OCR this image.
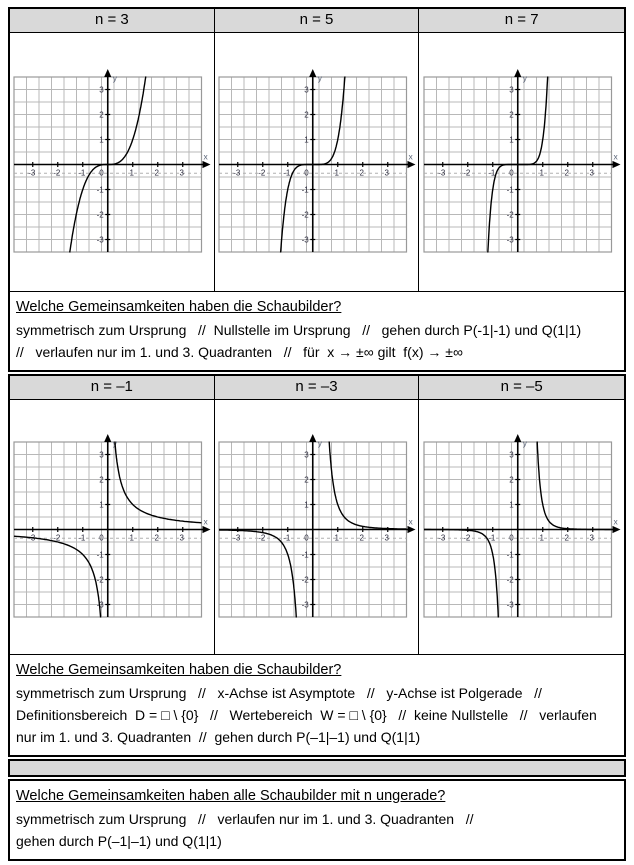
n = 3	n = 5	n = 7
-3 -2 -1	1	2	3
0
3
2
1
-1
-2
-3
x
y
-3 -2 -1	1	2	3
0
3
2
1
-1
-2
-3
x
y
-3 -2 -1	1	2	3
0
3
2
1
-1
-2
-3
x
y
Welche Gemeinsamkeiten haben die Schaubilder?
symmetrisch zum Ursprung   //  Nullstelle im Ursprung   //   gehen durch P(-1|-1) und Q(1|1)
//   verlaufen nur im 1. und 3. Quadranten   //   für  x → ±∞ gilt  f(x) → ±∞
n = –1	n = –3	n = –5
-3 -2 -1	1	2	3
0
3
2
1
-1
-2
-3
x
y
-3 -2 -1	1	2	3
0
3
2
1
-1
-2
-3
x
y
-3 -2 -1	1	2	3
0
3
2
1
-1
-2
-3
x
y
Welche Gemeinsamkeiten haben die Schaubilder?
symmetrisch zum Ursprung   //   x-Achse ist Asymptote   //   y-Achse ist Polgerade   //
Definitionsbereich  D = □ \ {0}   //   Wertebereich  W = □ \ {0}   //  keine Nullstelle   //   verlaufen
nur im 1. und 3. Quadranten  //  gehen durch P(–1|–1) und Q(1|1)
Welche Gemeinsamkeiten haben alle Schaubilder mit n ungerade?
symmetrisch zum Ursprung   //   verlaufen nur im 1. und 3. Quadranten   //
gehen durch P(–1|–1) und Q(1|1)
